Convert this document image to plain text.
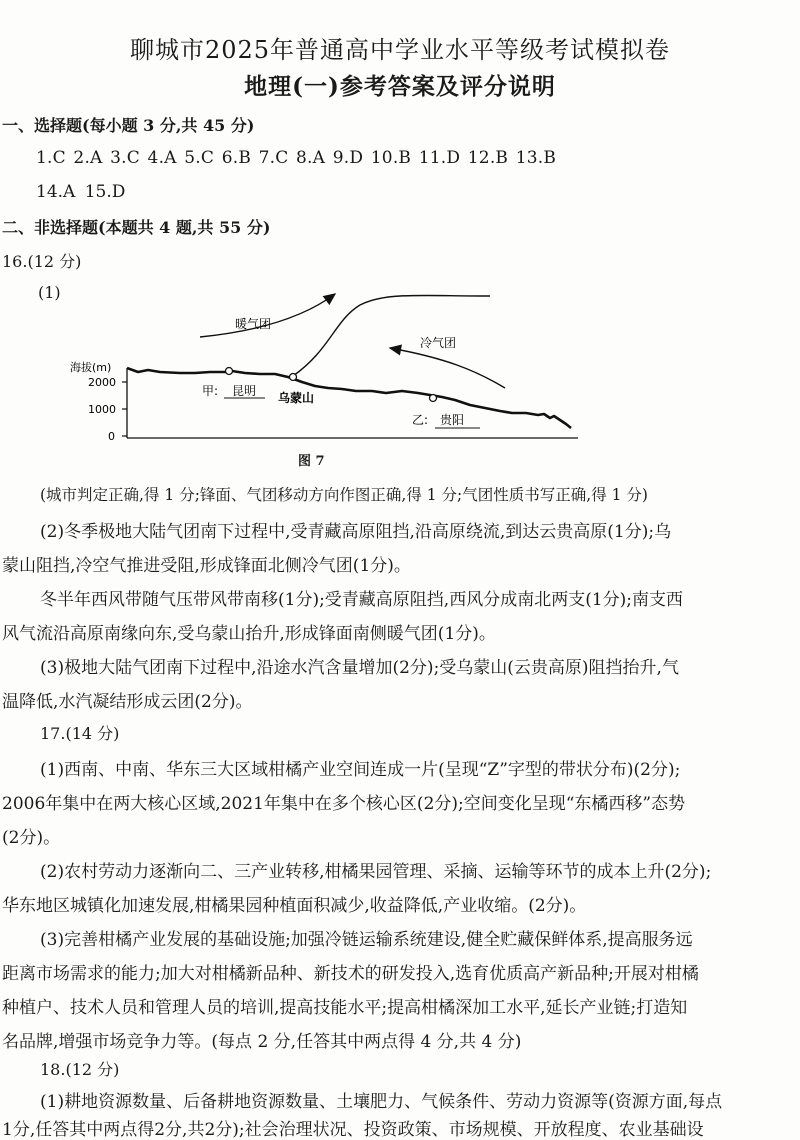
聊城市2025年普通高中学业水平等级考试模拟卷
地理(一)参考答案及评分说明
一、选择题(每小题 3 分,共 45 分)
1.C 2.A 3.C 4.A 5.C 6.B 7.C 8.A 9.D 10.B 11.D 12.B 13.B
14.A 15.D
二、非选择题(本题共 4 题,共 55 分)
16.(12 分)
(1)
暖气团
冷气团
海拔(m)
2000
1000
0
甲: 昆明 乌蒙山
乙: 贵阳
图 7
(城市判定正确,得 1 分;锋面、气团移动方向作图正确,得 1 分;气团性质书写正确,得 1 分)
(2)冬季极地大陆气团南下过程中,受青藏高原阻挡,沿高原绕流,到达云贵高原(1分);乌
蒙山阻挡,冷空气推进受阻,形成锋面北侧冷气团(1分)。
冬半年西风带随气压带风带南移(1分);受青藏高原阻挡,西风分成南北两支(1分);南支西
风气流沿高原南缘向东,受乌蒙山抬升,形成锋面南侧暖气团(1分)。
(3)极地大陆气团南下过程中,沿途水汽含量增加(2分);受乌蒙山(云贵高原)阻挡抬升,气
温降低,水汽凝结形成云团(2分)。
17.(14 分)
(1)西南、中南、华东三大区域柑橘产业空间连成一片(呈现“Z”字型的带状分布)(2分);
2006年集中在两大核心区域,2021年集中在多个核心区(2分);空间变化呈现“东橘西移”态势
(2分)。
(2)农村劳动力逐渐向二、三产业转移,柑橘果园管理、采摘、运输等环节的成本上升(2分);
华东地区城镇化加速发展,柑橘果园种植面积减少,收益降低,产业收缩。(2分)。
(3)完善柑橘产业发展的基础设施;加强冷链运输系统建设,健全贮藏保鲜体系,提高服务远
距离市场需求的能力;加大对柑橘新品种、新技术的研发投入,选育优质高产新品种;开展对柑橘
种植户、技术人员和管理人员的培训,提高技能水平;提高柑橘深加工水平,延长产业链;打造知
名品牌,增强市场竞争力等。(每点 2 分,任答其中两点得 4 分,共 4 分)
18.(12 分)
(1)耕地资源数量、后备耕地资源数量、土壤肥力、气候条件、劳动力资源等(资源方面,每点
1分,任答其中两点得2分,共2分);社会治理状况、投资政策、市场规模、开放程度、农业基础设
